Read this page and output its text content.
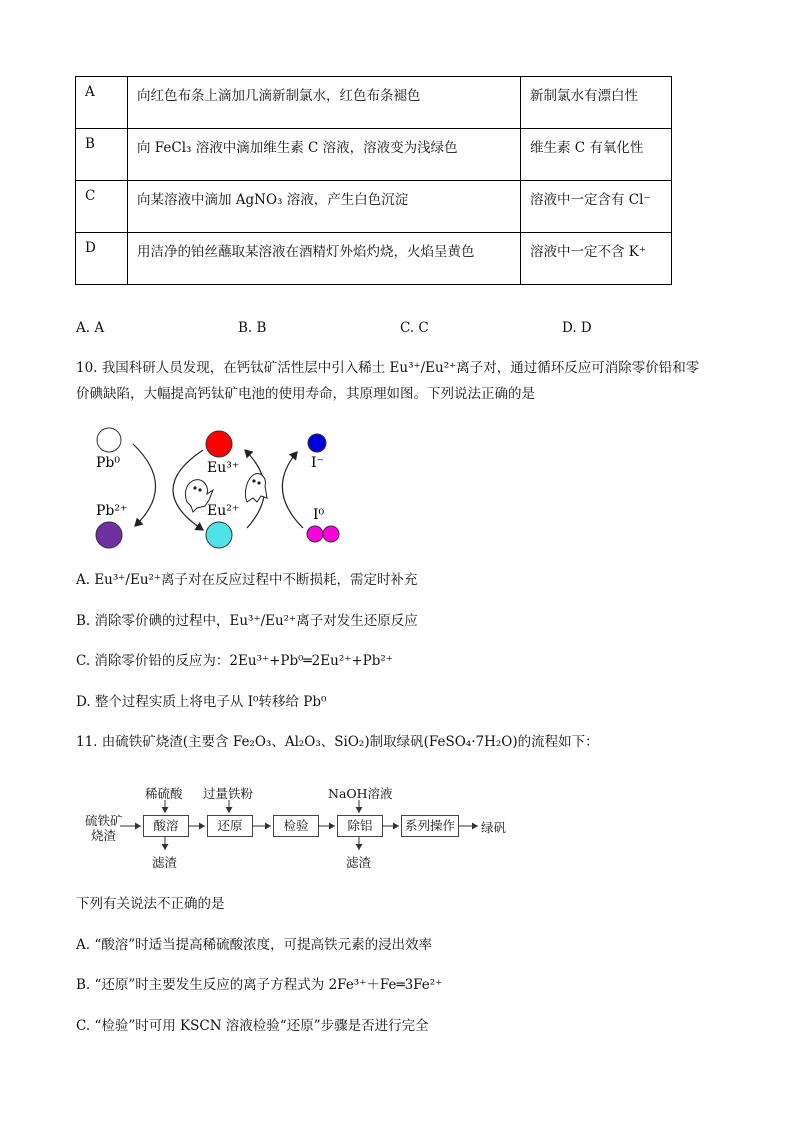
A	向红色布条上滴加几滴新制氯水，红色布条褪色	新制氯水有漂白性
B	向 FeCl₃ 溶液中滴加维生素 C 溶液，溶液变为浅绿色	维生素 C 有氧化性
C	向某溶液中滴加 AgNO₃ 溶液，产生白色沉淀	溶液中一定含有 Cl⁻
D	用洁净的铂丝蘸取某溶液在酒精灯外焰灼烧，火焰呈黄色	溶液中一定不含 K⁺
A. A	B. B	C. C	D. D
10. 我国科研人员发现，在钙钛矿活性层中引入稀土 Eu³⁺/Eu²⁺离子对，通过循环反应可消除零价铅和零
价碘缺陷，大幅提高钙钛矿电池的使用寿命，其原理如图。下列说法正确的是
Pb⁰
Pb²⁺
Eu³⁺
Eu²⁺
I⁻
I⁰
A. Eu³⁺/Eu²⁺离子对在反应过程中不断损耗，需定时补充
B. 消除零价碘的过程中，Eu³⁺/Eu²⁺离子对发生还原反应
C. 消除零价铅的反应为：2Eu³⁺+Pb⁰═2Eu²⁺+Pb²⁺
D. 整个过程实质上将电子从 I⁰转移给 Pb⁰
11. 由硫铁矿烧渣(主要含 Fe₂O₃、Al₂O₃、SiO₂)制取绿矾(FeSO₄·7H₂O)的流程如下：
硫铁矿
烧渣
稀硫酸 过量铁粉	NaOH溶液
酸溶	还原	检验	除铝	系列操作	绿矾
滤渣	滤渣
下列有关说法不正确的是
A. “酸溶”时适当提高稀硫酸浓度，可提高铁元素的浸出效率
B. “还原”时主要发生反应的离子方程式为 2Fe³⁺＋Fe═3Fe²⁺
C. “检验”时可用 KSCN 溶液检验“还原”步骤是否进行完全
